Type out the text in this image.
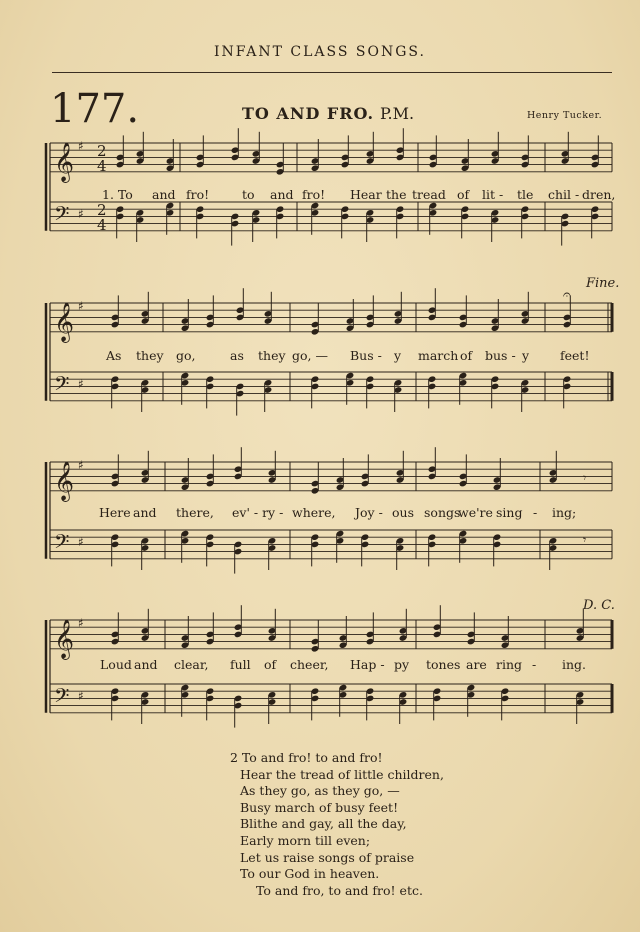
INFANT CLASS SONGS.
177.	TO AND FRO. P.M.	Henry Tucker.
Fine.
D. C.
𝄞
𝄢
♯
♯
2
4
2
4
𝄞
𝄢
♯
♯
𝄐
𝄞
𝄢
♯
♯
𝄾
𝄾
𝄞
𝄢
♯
♯
1. To and fro!	to and fro! Hear the tread of lit - tle chil - dren,
As they go,	as they go, — Bus - y march of bus - y feet!
Here and there, ev' - ry - where, Joy - ous songs
we're sing - ing;
Loud and clear, full of cheer, Hap - py tones are ring - ing.
2 To and fro! to and fro!
Hear the tread of little children,
As they go, as they go, —
Busy march of busy feet!
Blithe and gay, all the day,
Early morn till even;
Let us raise songs of praise
To our God in heaven.
To and fro, to and fro! etc.
